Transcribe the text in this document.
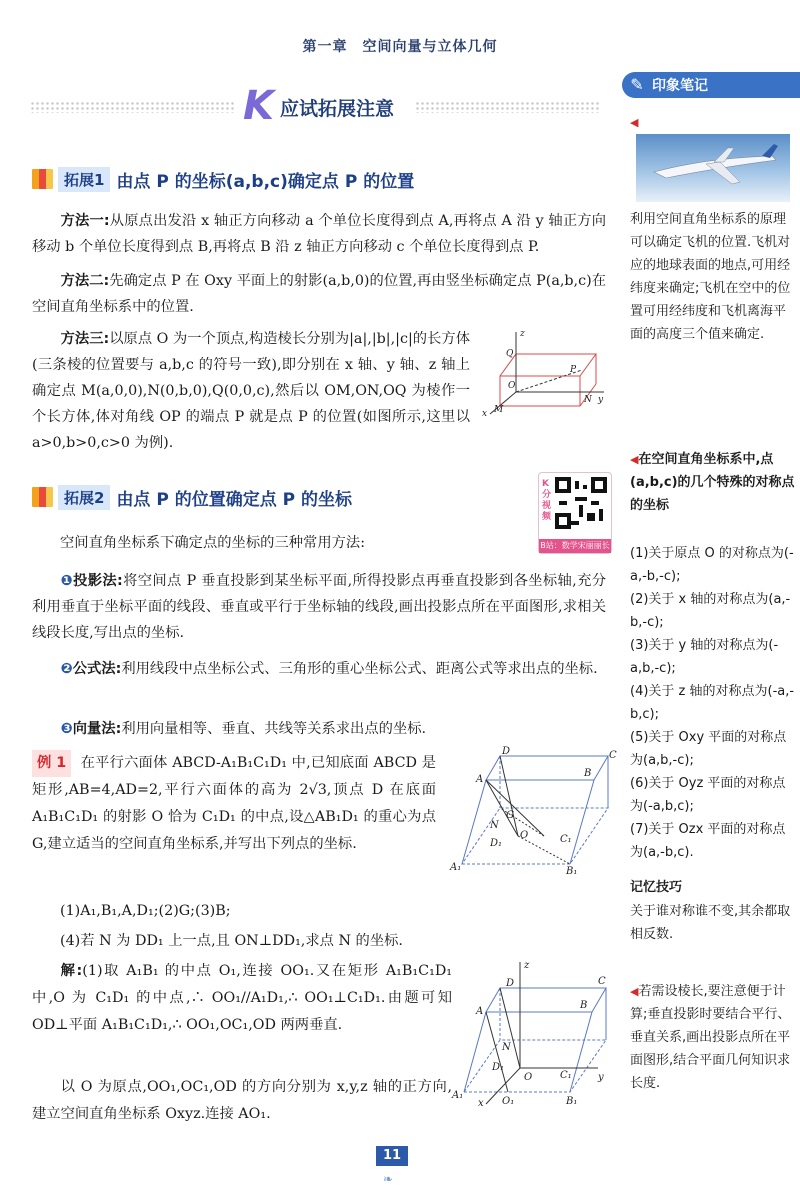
第一章　空间向量与立体几何
K 应试拓展注意
拓展1 由点 P 的坐标(a,b,c)确定点 P 的位置
方法一:从原点出发沿 x 轴正方向移动 a 个单位长度得到点 A,再将点 A 沿 y 轴正方向移动 b 个单位长度得到点 B,再将点 B 沿 z 轴正方向移动 c 个单位长度得到点 P.
方法二:先确定点 P 在 Oxy 平面上的射影(a,b,0)的位置,再由竖坐标确定点 P(a,b,c)在空间直角坐标系中的位置.
方法三:以原点 O 为一个顶点,构造棱长分别为|a|,|b|,|c|的长方体(三条棱的位置要与 a,b,c 的符号一致),即分别在 x 轴、y 轴、z 轴上确定点 M(a,0,0),N(0,b,0),Q(0,0,c),然后以 OM,ON,OQ 为棱作一个长方体,体对角线 OP 的端点 P 就是点 P 的位置(如图所示,这里以 a>0,b>0,c>0 为例).
z
Q
P
O
N y
x M
拓展2 由点 P 的位置确定点 P 的坐标
K分视频
B站：数学宋丽丽长
空间直角坐标系下确定点的坐标的三种常用方法:
❶投影法:将空间点 P 垂直投影到某坐标平面,所得投影点再垂直投影到各坐标轴,充分利用垂直于坐标平面的线段、垂直或平行于坐标轴的线段,画出投影点所在平面图形,求相关线段长度,写出点的坐标.
❷公式法:利用线段中点坐标公式、三角形的重心坐标公式、距离公式等求出点的坐标.
❸向量法:利用向量相等、垂直、共线等关系求出点的坐标.
例 1 在平行六面体 ABCD-A₁B₁C₁D₁ 中,已知底面 ABCD 是矩形,AB=4,AD=2,平行六面体的高为 2√3,顶点 D 在底面 A₁B₁C₁D₁ 的射影 O 恰为 C₁D₁ 的中点,设△AB₁D₁ 的重心为点 G,建立适当的空间直角坐标系,并写出下列点的坐标.
(1)A₁,B₁,A,D₁;(2)G;(3)B;
(4)若 N 为 DD₁ 上一点,且 ON⊥DD₁,求点 N 的坐标.
解:(1)取 A₁B₁ 的中点 O₁,连接 OO₁.又在矩形 A₁B₁C₁D₁ 中,O 为 C₁D₁ 的中点,∴ OO₁//A₁D₁,∴ OO₁⊥C₁D₁.由题可知 OD⊥平面 A₁B₁C₁D₁,∴ OO₁,OC₁,OD 两两垂直.
以 O 为原点,OO₁,OC₁,OD 的方向分别为 x,y,z 轴的正方向,建立空间直角坐标系 Oxyz.连接 AO₁.
D	C
A
B
G
N
D₁
O	C₁
A₁	B₁
z
D	C
A
B
N
D₁
O	C₁	y
A₁
O₁	B₁
x
✎ 印象笔记
◀
利用空间直角坐标系的原理可以确定飞机的位置.飞机对应的地球表面的地点,可用经纬度来确定;飞机在空中的位置可用经纬度和飞机离海平面的高度三个值来确定.
◀在空间直角坐标系中,点(a,b,c)的几个特殊的对称点的坐标
(1)关于原点 O 的对称点为(-a,-b,-c);
(2)关于 x 轴的对称点为(a,-b,-c);
(3)关于 y 轴的对称点为(-a,b,-c);
(4)关于 z 轴的对称点为(-a,-b,c);
(5)关于 Oxy 平面的对称点为(a,b,-c);
(6)关于 Oyz 平面的对称点为(-a,b,c);
(7)关于 Ozx 平面的对称点为(a,-b,c).
记忆技巧
关于谁对称谁不变,其余都取相反数.
◀若需设棱长,要注意便于计算;垂直投影时要结合平行、垂直关系,画出投影点所在平面图形,结合平面几何知识求长度.
11
❧
